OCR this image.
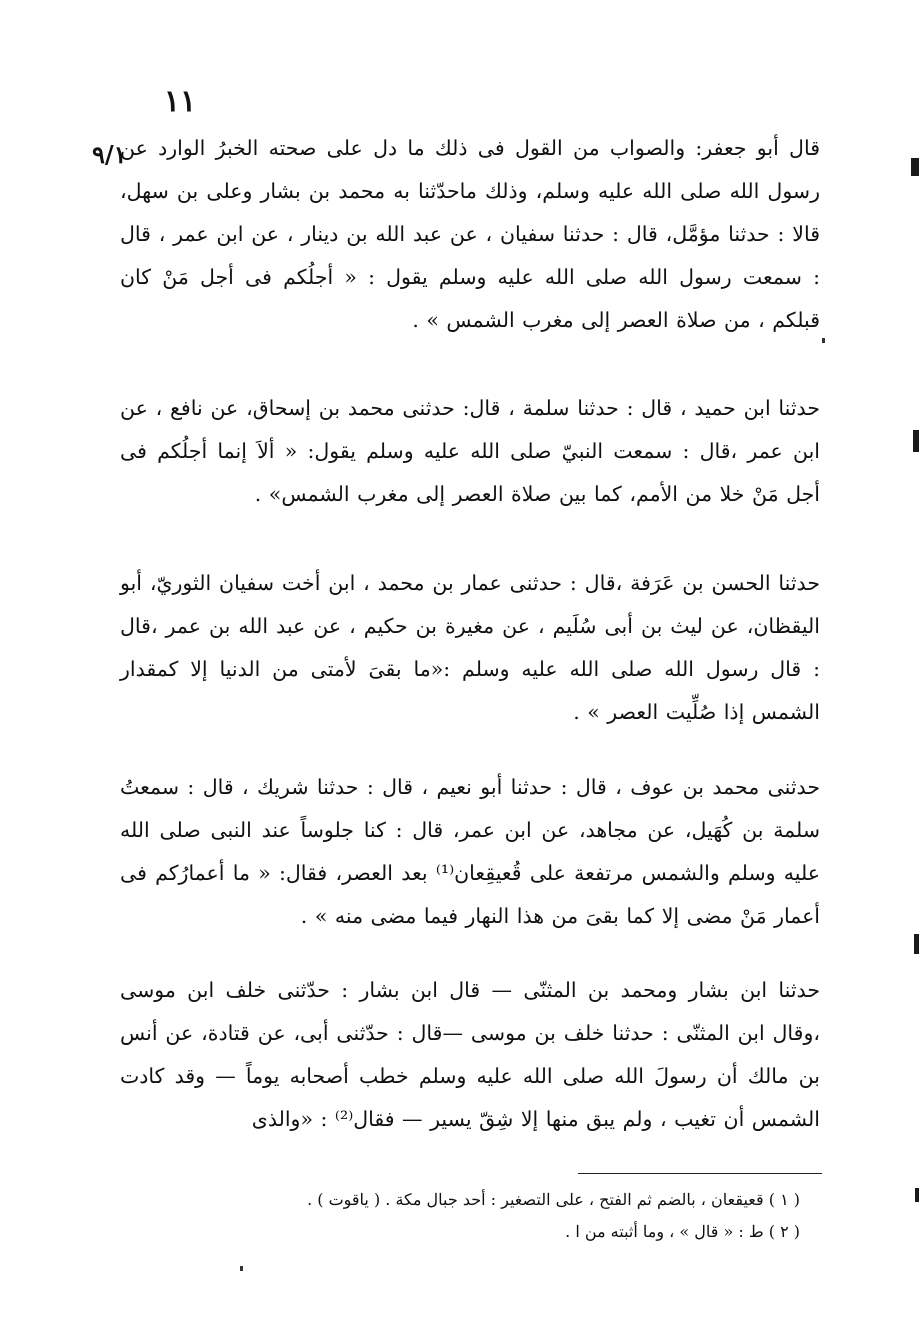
١١
٩/١

قال أبو جعفر: والصواب من القول فى ذلك ما دل على صحته الخبرُ الوارد عن رسول الله صلى الله عليه وسلم، وذلك ماحدّثنا به محمد بن بشار وعلى بن سهل، قالا : حدثنا مؤمَّل، قال : حدثنا سفيان ، عن عبد الله بن دينار ، عن ابن عمر ، قال : سمعت رسول الله صلى الله عليه وسلم يقول : « أجلُكم فى أجل مَنْ كان قبلكم ، من صلاة العصر إلى مغرب الشمس » .

حدثنا ابن حميد ، قال : حدثنا سلمة ، قال: حدثنى محمد بن إسحاق، عن نافع ، عن ابن عمر ،قال : سمعت النبيّ صلى الله عليه وسلم يقول: « ألاَ إنما أجلُكم فى أجل مَنْ خلا من الأمم، كما بين صلاة العصر إلى مغرب الشمس» .

حدثنا الحسن بن عَرَفة ،قال : حدثنى عمار بن محمد ، ابن أخت سفيان الثوريّ، أبو اليقظان، عن ليث بن أبى سُلَيم ، عن مغيرة بن حكيم ، عن عبد الله بن عمر ،قال : قال رسول الله صلى الله عليه وسلم :«ما بقىَ لأمتى من الدنيا إلا كمقدار الشمس إذا صُلِّيت العصر » .

حدثنى محمد بن عوف ، قال : حدثنا أبو نعيم ، قال : حدثنا شريك ، قال : سمعتُ سلمة بن كُهَيل، عن مجاهد، عن ابن عمر، قال : كنا جلوساً عند النبى صلى الله عليه وسلم والشمس مرتفعة على قُعيقِعان⁽¹⁾ بعد العصر، فقال: « ما أعمارُكم فى أعمار مَنْ مضى إلا كما بقىَ من هذا النهار فيما مضى منه » .

حدثنا ابن بشار ومحمد بن المثنّى — قال ابن بشار : حدّثنى خلف ابن موسى ،وقال ابن المثنّى : حدثنا خلف بن موسى —قال : حدّثنى أبى، عن قتادة، عن أنس بن مالك أن رسولَ الله صلى الله عليه وسلم خطب أصحابه يوماً — وقد كادت الشمس أن تغيب ، ولم يبق منها إلا شِقّ يسير — فقال⁽²⁾ : «والذى

( ١ ) قعيقعان ، بالضم ثم الفتح ، على التصغير : أحد جبال مكة . ( ياقوت ) .

( ٢ ) ط : « قال » ، وما أثبته من ا .
